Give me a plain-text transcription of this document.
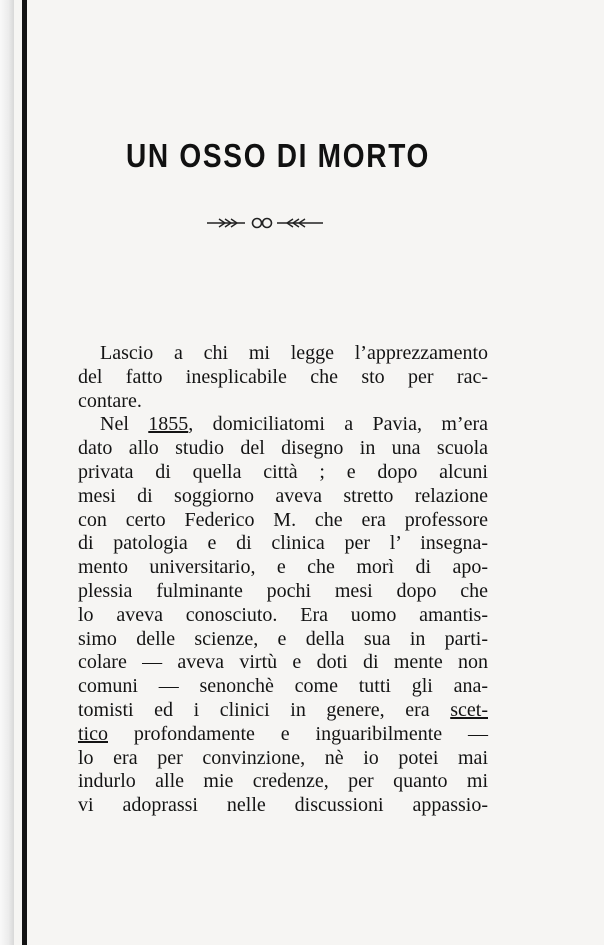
UN OSSO DI MORTO

Lascio a chi mi legge l’apprezzamento

del fatto inesplicabile che sto per rac-

contare.

Nel 1855, domiciliatomi a Pavia, m’era

dato allo studio del disegno in una scuola

privata di quella città ; e dopo alcuni

mesi di soggiorno aveva stretto relazione

con certo Federico M. che era professore

di patologia e di clinica per l’ insegna-

mento universitario, e che morì di apo-

plessia fulminante pochi mesi dopo che

lo aveva conosciuto. Era uomo amantis-

simo delle scienze, e della sua in parti-

colare — aveva virtù e doti di mente non

comuni — senonchè come tutti gli ana-

tomisti ed i clinici in genere, era scet-

tico profondamente e inguaribilmente —

lo era per convinzione, nè io potei mai

indurlo alle mie credenze, per quanto mi

vi adoprassi nelle discussioni appassio-
